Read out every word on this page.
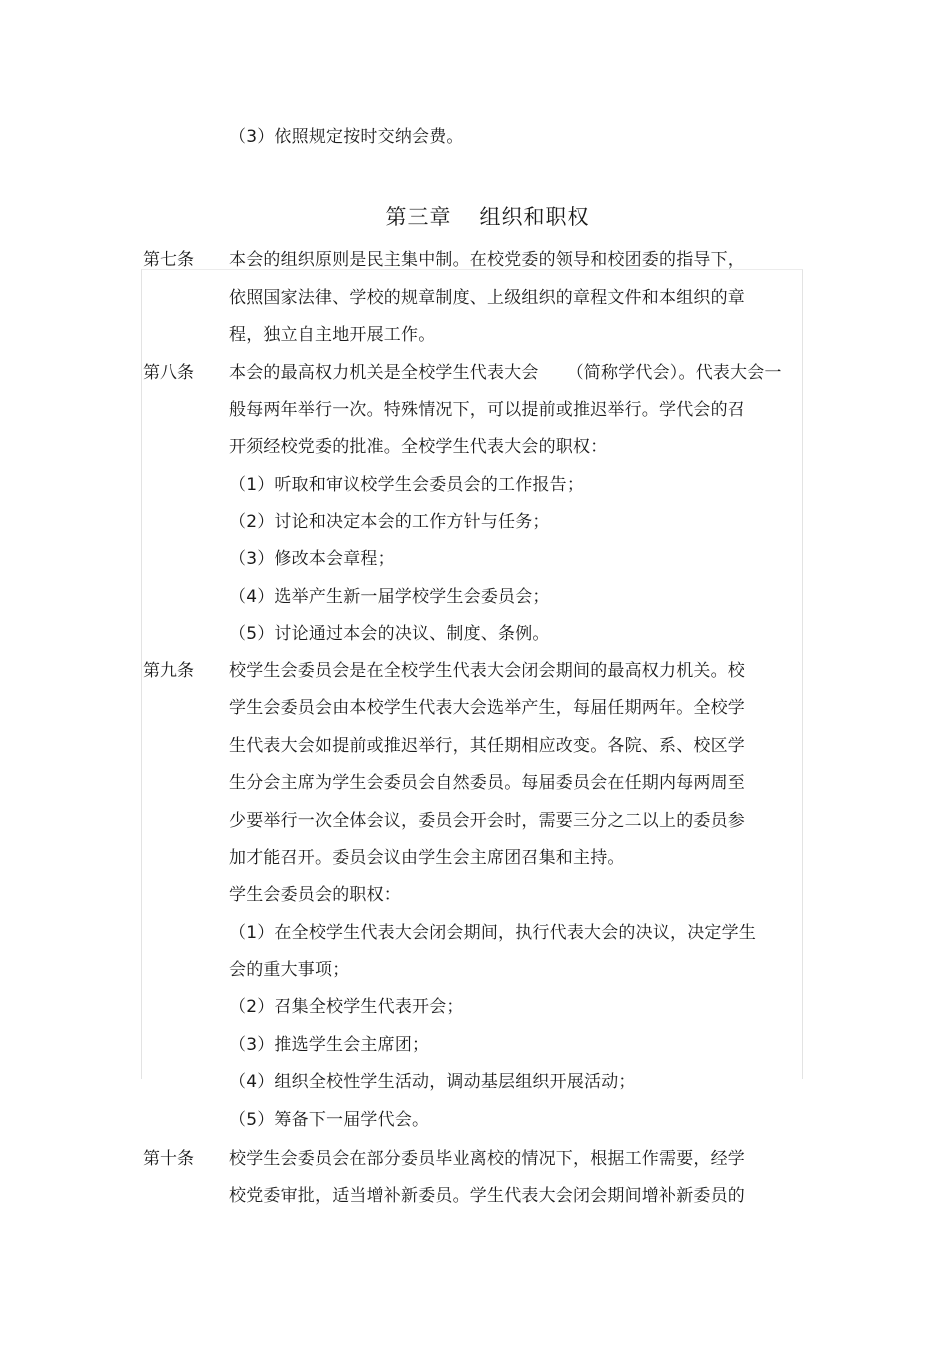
（3）依照规定按时交纳会费。
第三章 组织和职权
第七条 本会的组织原则是民主集中制。在校党委的领导和校团委的指导下，
依照国家法律、学校的规章制度、上级组织的章程文件和本组织的章
程，独立自主地开展工作。
第八条 本会的最高权力机关是全校学生代表大会 （简称学代会）。代表大会一
般每两年举行一次。特殊情况下，可以提前或推迟举行。学代会的召
开须经校党委的批准。全校学生代表大会的职权：
（1）听取和审议校学生会委员会的工作报告；
（2）讨论和决定本会的工作方针与任务；
（3）修改本会章程；
（4）选举产生新一届学校学生会委员会；
（5）讨论通过本会的决议、制度、条例。
第九条 校学生会委员会是在全校学生代表大会闭会期间的最高权力机关。校
学生会委员会由本校学生代表大会选举产生，每届任期两年。全校学
生代表大会如提前或推迟举行，其任期相应改变。各院、系、校区学
生分会主席为学生会委员会自然委员。每届委员会在任期内每两周至
少要举行一次全体会议，委员会开会时，需要三分之二以上的委员参
加才能召开。委员会议由学生会主席团召集和主持。
学生会委员会的职权：
（1）在全校学生代表大会闭会期间，执行代表大会的决议，决定学生
会的重大事项；
（2）召集全校学生代表开会；
（3）推选学生会主席团；
（4）组织全校性学生活动，调动基层组织开展活动；
（5）筹备下一届学代会。
第十条 校学生会委员会在部分委员毕业离校的情况下，根据工作需要，经学
校党委审批，适当增补新委员。学生代表大会闭会期间增补新委员的
